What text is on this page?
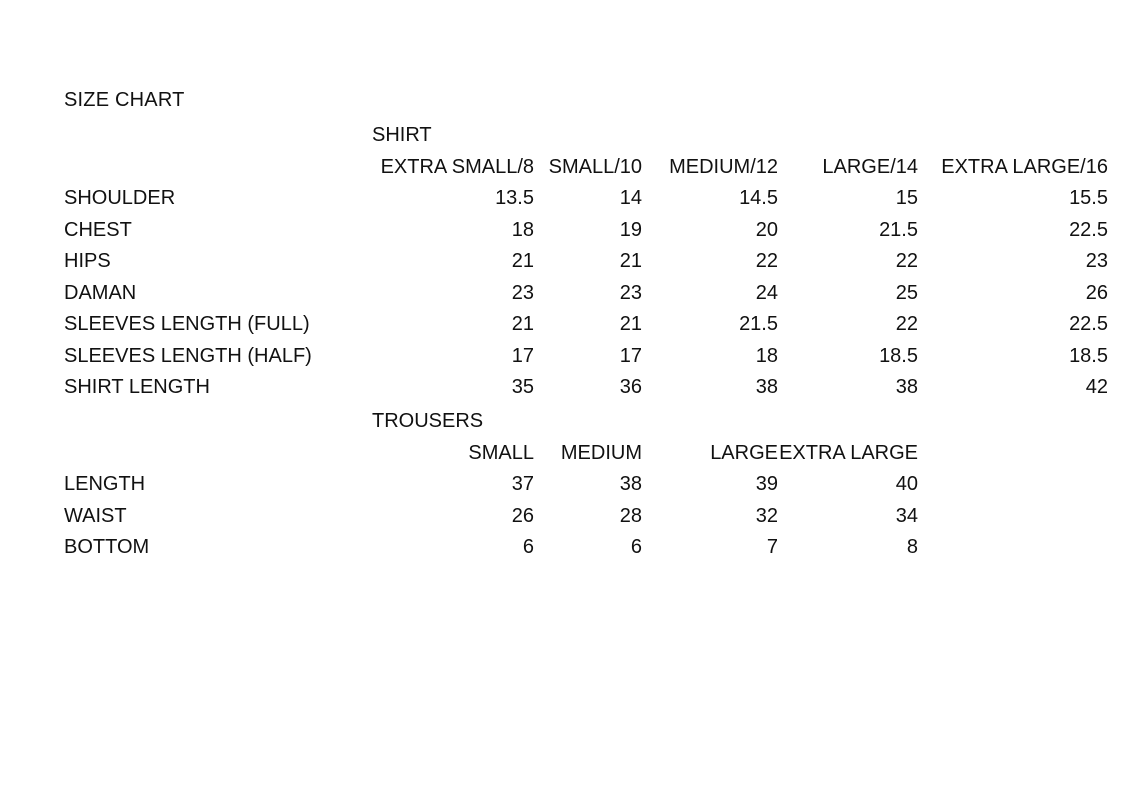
SIZE CHART
SHIRT					
	EXTRA SMALL/8	SMALL/10	MEDIUM/12	LARGE/14	EXTRA LARGE/16
SHOULDER	13.5	14	14.5	15	15.5
CHEST	18	19	20	21.5	22.5
HIPS	21	21	22	22	23
DAMAN	23	23	24	25	26
SLEEVES LENGTH (FULL)	21	21	21.5	22	22.5
SLEEVES LENGTH (HALF)	17	17	18	18.5	18.5
SHIRT LENGTH	35	36	38	38	42
TROUSERS				
	SMALL	MEDIUM	LARGE	EXTRA LARGE
LENGTH	37	38	39	40
WAIST	26	28	32	34
BOTTOM	6	6	7	8
